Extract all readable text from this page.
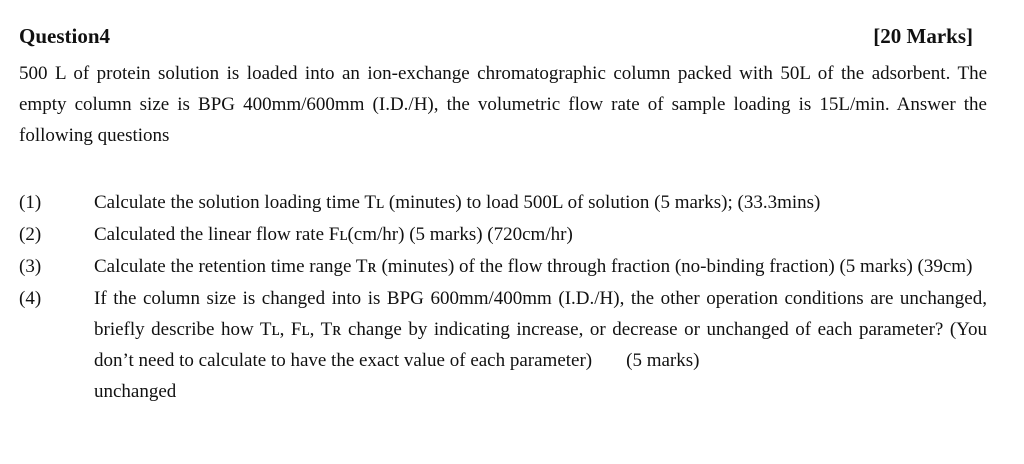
Question4	[20 Marks]

500 L of protein solution is loaded into an ion-exchange chromatographic column packed with 50L of the adsorbent. The empty column size is BPG 400mm/600mm (I.D./H), the volumetric flow rate of sample loading is 15L/min. Answer the following questions

(1)	Calculate the solution loading time Tʟ (minutes) to load 500L of solution (5 marks); (33.3mins)
(2)	Calculated the linear flow rate Fʟ(cm/hr) (5 marks) (720cm/hr)
(3)	Calculate the retention time range Tʀ (minutes) of the flow through fraction (no-binding fraction) (5 marks) (39cm)
(4)	If the column size is changed into is BPG 600mm/400mm (I.D./H), the other operation conditions are unchanged, briefly describe how Tʟ, Fʟ, Tʀ change by indicating increase, or decrease or unchanged of each parameter? (You don’t need to calculate to have the exact value of each parameter) (5 marks)
unchanged
